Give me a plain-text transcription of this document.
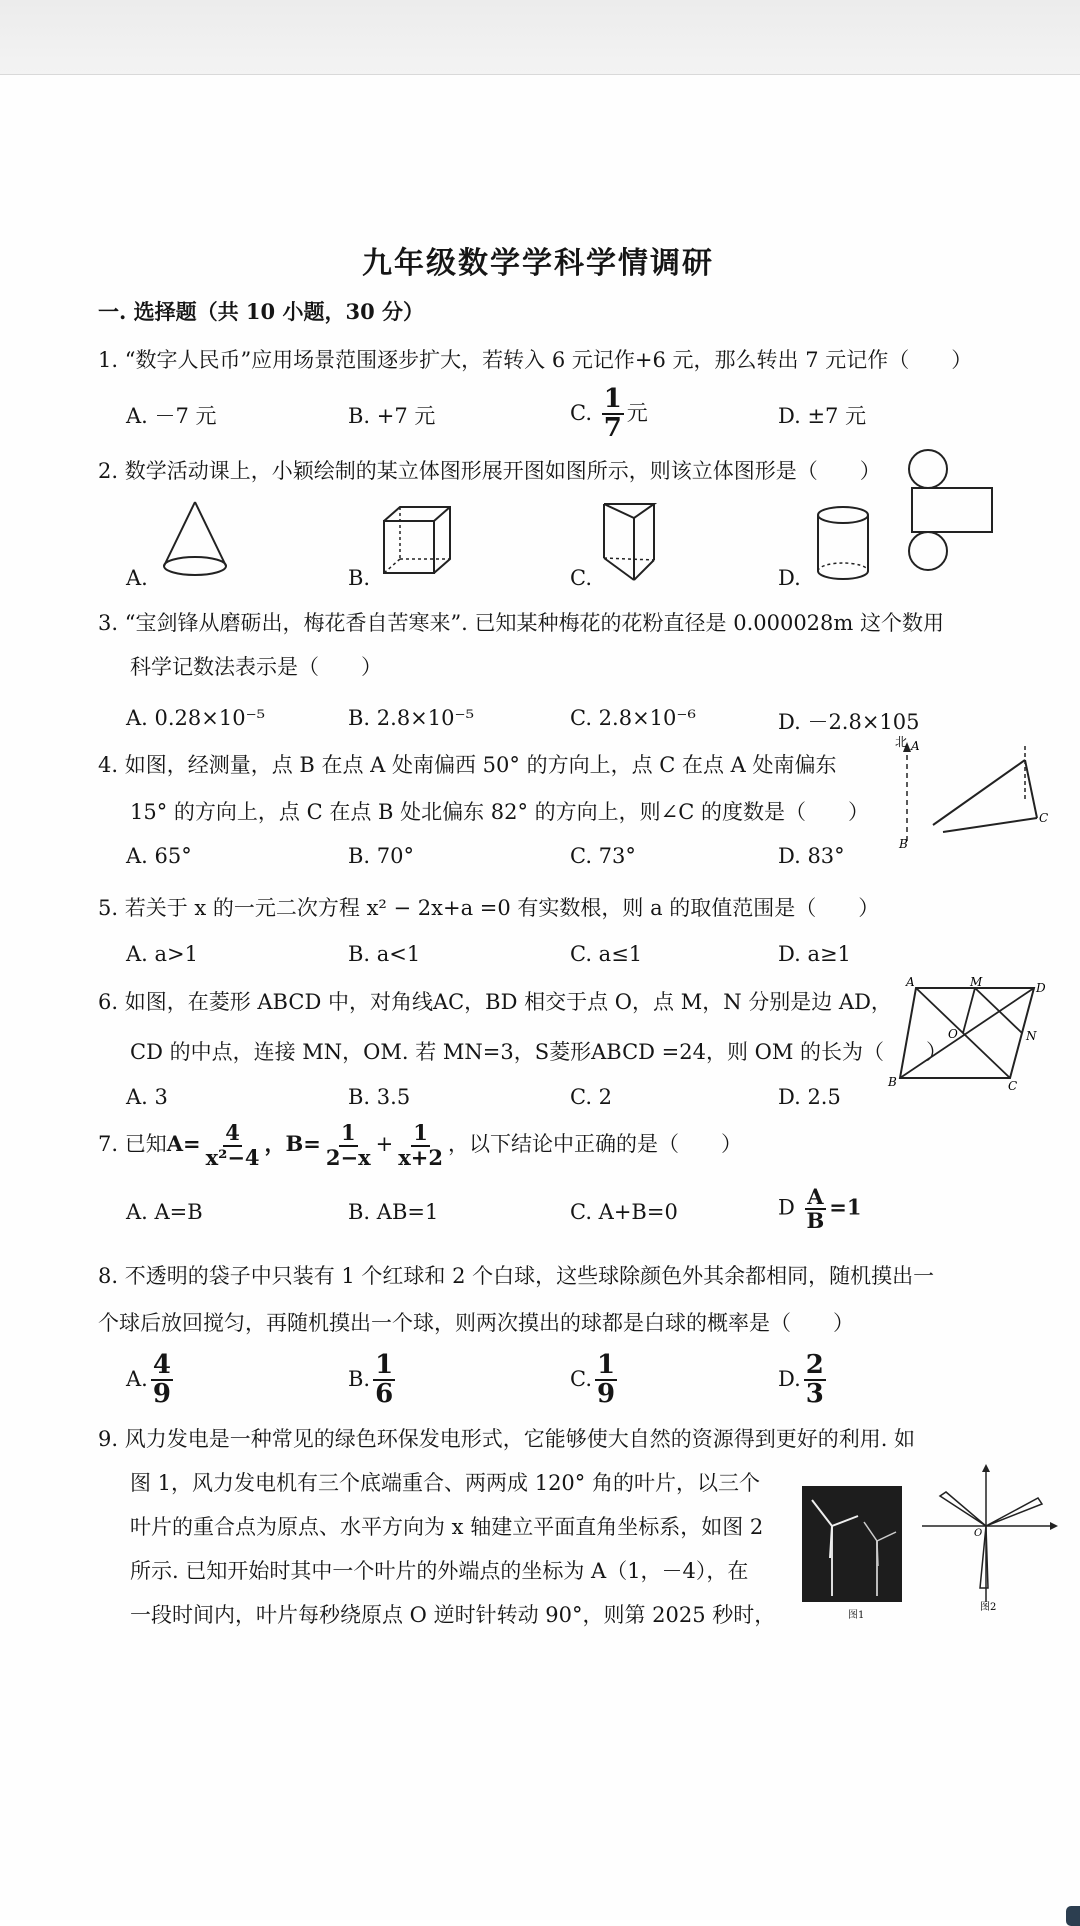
九年级数学学科学情调研
一. 选择题（共 10 小题，30 分）
1. “数字人民币”应用场景范围逐步扩大，若转入 6 元记作+6 元，那么转出 7 元记作（　　）
A. －7 元	B. +7 元	C. $\frac{1}{7}$ 元	D. ±7 元
2. 数学活动课上，小颖绘制的某立体图形展开图如图所示，则该立体图形是（　　）
A.	B.	C.	D.
3. “宝剑锋从磨砺出，梅花香自苦寒来”. 已知某种梅花的花粉直径是 0.000028m 这个数用
科学记数法表示是（　　）
A. 0.28×10⁻⁵	B. 2.8×10⁻⁵	C. 2.8×10⁻⁶	D. －2.8×105
4. 如图，经测量，点 B 在点 A 处南偏西 50° 的方向上，点 C 在点 A 处南偏东
15° 的方向上，点 C 在点 B 处北偏东 82° 的方向上，则∠C 的度数是（　　）
A. 65°	B. 70°	C. 73°	D. 83°
北 A
B
C
5. 若关于 x 的一元二次方程 x² − 2x+a =0 有实数根，则 a 的取值范围是（　　）
A. a>1	B. a<1	C. a≤1	D. a≥1
6. 如图，在菱形 ABCD 中，对角线AC，BD 相交于点 O，点 M，N 分别是边 AD，
CD 的中点，连接 MN，OM. 若 MN=3，S菱形ABCD =24，则 OM 的长为（　　）
A. 3	B. 3.5	C. 2	D. 2.5
A	M	D
O	N
B	C
7. 已知$A= \frac{4}{\text{x²−4}}$ ，$B= \frac{1}{2-x} + \frac{1}{x+2}$ ，以下结论中正确的是（　　）
A. A=B	B. AB=1	C. A+B=0	D $\frac{A}{B} =1$
8. 不透明的袋子中只装有 1 个红球和 2 个白球，这些球除颜色外其余都相同，随机摸出一
个球后放回搅匀，再随机摸出一个球，则两次摸出的球都是白球的概率是（　　）
A. $\frac{4}{9}$	B. $\frac{1}{6}$	C. $\frac{1}{9}$	D. $\frac{2}{3}$
9. 风力发电是一种常见的绿色环保发电形式，它能够使大自然的资源得到更好的利用. 如
图 1，风力发电机有三个底端重合、两两成 120° 角的叶片，以三个
叶片的重合点为原点、水平方向为 x 轴建立平面直角坐标系，如图 2
所示. 已知开始时其中一个叶片的外端点的坐标为 A（1，－4），在
一段时间内，叶片每秒绕原点 O 逆时针转动 90°，则第 2025 秒时，	图1
O
图2
